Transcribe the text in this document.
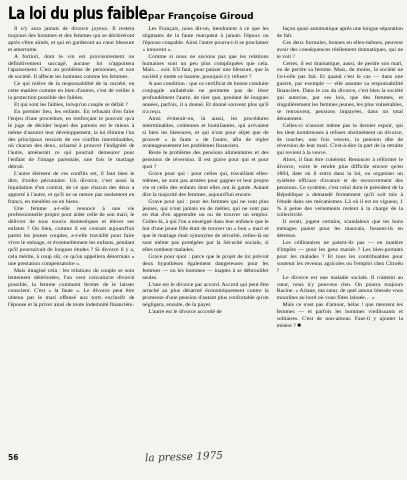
La loi du plus faible par Françoise Giroud

Il n'y aura jamais de divorce joyeux. Il restera toujours des hommes et des femmes qui se déchireront après s'être aimés, et qui en garderont au cœur blessure et amertume.

A fortiori, dont le vin est provisoirement ou définitivement saccagé, aucune loi n'apportera l'apaisement. C'est un problème de personnes, et non de société. Il affecte les hommes comme les femmes.

Ce qui relève de la responsabilité de la société, en cette matière comme en bien d'autres, c'est de veiller à la protection possible des faibles.

Et qui sont les faibles, lorsqu'un couple se défait ?

En premier lieu, les enfants. En refusant d'en faire l'enjeu d'une procédure, en renforçant le pouvoir qu'a le juge de décider lequel des parents est le mieux à même d'assurer leur développement, la loi élimine l'un des principaux ressorts de ces conflits interminables, où chacun des deux, acharné à prouver l'indignité de l'autre, amènerait ce qui pourrait demeurer pour l'enfant de l'image parentale, une fois le mariage détruit.

L'autre élément de ces conflits est, il faut bien le dire, d'ordre pécuniaire. Un divorce, c'est aussi la liquidation d'un contrat, de ce que chacun des deux a apporté à l'autre, et qu'il ne se meure pas seulement en francs, en meubles ou en biens.

Une femme a-t-elle renoncé à une vie professionnelle propre pour aider celle de son mari, le délivrer de tous soucis domestiques et élever ses enfants ? On bien, comme il est courant aujourd'hui parmi les jeunes couples, a-t-elle travaillé pour faire vivre le ménage, et éventuellement les enfants, pendant qu'il poursuivait de longues études ? Si divorce il y a, cela mérite, à coup sûr, ce qu'on appellera désormais « une prestation compensatoire ».

Mais imaginé cela : les relations du couple se sont lentement détériorées, l'un veut convaincre divorcé possible, la femme comment fermer de le laisser conscient. C'est « la faute ». Le divorce peut être obtenu par le mari offensé aux torts exclusifs de l'épouse et la priver ainsi de toute indemnité financière.

Les Français, nous dit-on, tiendraient à ce que les stigmates de la faute marquent à jamais l'époux ou l'épouse coupable. Ainsi l'autre pourra-t-il se proclamer « innocent ».

Comme si nous ne savions pas que les relations humaines sont un peu plus compliquées que cela. Mais… soit. S'il faut, pour panser une blessure, que la société y mette ce baume, pourquoi s'y refuser ?

A une condition : que ce certificat de bonne conduite conjugale unilatérale ne permette pas de léser profondément l'autre, de nier que, pendant de longues années, parfois, il a donné. Et donné souvent plus qu'il n'a reçu.

Ainsi éviterait-on, là aussi, les procédures interminables, coûteuses et humiliantes, qui avivaient si bien les blessures, et qui n'ont pour objet que de prouver « la faute » de l'autre, afin de régler avantageusement les problèmes financiers.

Reste le problème des pensions alimentaires et des pensions de réversion. Il est grave pour qui et pour quoi ?

Grave pour qui : pour celles qui, travaillant elles-mêmes, ne sont pas armées pour gagner et leur propre vie et celle des enfants dont elles ont la garde. Autant dire la majorité des femmes, aujourd'hui encore.

Grave pour qui : pour les femmes qui ne sont plus jeunes, qui n'ont jamais eu de métier, qui ne sont pas en état d'en apprendre un ou de trouver un emploi. Celles-là, à qui l'on a enseigné dans leur enfance que le but d'une jeune fille était de trouver un « bon » mari et que le mariage était synonyme de sécurité, celles-là ne sont même pas protégées par la Sécurité sociale, si elles tombent malades.

Grave pour quoi : parce que le projet de loi prévoit deux hypothèses également dangereuses pour les femmes — ou les hommes — inaptes à se débrouiller seules.

L'une est le divorce par accord. Accord qui peut être arraché au plus désarmé économiquement contre la promesse d'une pension d'autant plus confortable qu'on négligera, ensuite, de la payer.

L'autre est le divorce accordé de

façon quasi automatique après une longue séparation de fait.

Ces deux formules, bonnes en elles-mêmes, peuvent avoir des conséquences réellement dramatiques, qui ne le voit ?

Certes, il est dramatique, aussi, de perdre son mari, ou de perdre sa femme. Mais, du moins, la société ne l'a-t-elle pas fait. Et quand c'est le cas — dans une guerre, par exemple — elle assume sa responsabilité financière. Dans le cas du divorce, c'est bien la société qui autorise, par ses lois, que des femmes, et singulièrement les femmes jeunes, les plus vulnérables, se retrouvent, pensions impayées, dans un total dénuement.

Celles-ci n'auront même pas le dernier espoir, qui les tient nombreuses à refuser obstinément un divorce, de toucher, une fois veuves, la pension dite de réversion de leur mari. C'est-à-dire la part de la retraite qui revient à la veuve.

Alors, il faut être cohérent. Renoncer à réformer le divorce, voire le rendre plus difficile encore qu'en 1804, date où il entra dans la loi, ou organiser un système efficace d'avance et de recouvrement des pensions. Ce système, c'est celui dont le président de la République a demandé fermement qu'il soit mis à l'étude dans ses mécanismes. Là où il est en vigueur, 1 % à peine des versements restent à la charge de la collectivité.

Il serait, jugent certains, scandaleux que les bons ménages paient pour les mauvais, fussent-ils en détresse.

Les célibataires ne paient-ils pas — en matière d'impôts — pour les gens mariés ? Les bien-portants pour les malades ? Et tous les contribuables pour soutenir les revenus agricoles ou l'emploi chez Citroën ?

Le divorce est une maladie sociale. Il n'atteint au cœur, nous n'y pouvons rien. On pourra toujours Racine. « Ariane, ma sœur, de quel amour blessée vous mourûtes au bord où vous fûtes laissée… »

Mais ce n'est pas d'amour, hélas ! que meurent les femmes — et parfois les hommes vieillissants et solitaires. C'est de non-amour. Faut-il y ajouter la misère ? ■

56	la presse 1975
